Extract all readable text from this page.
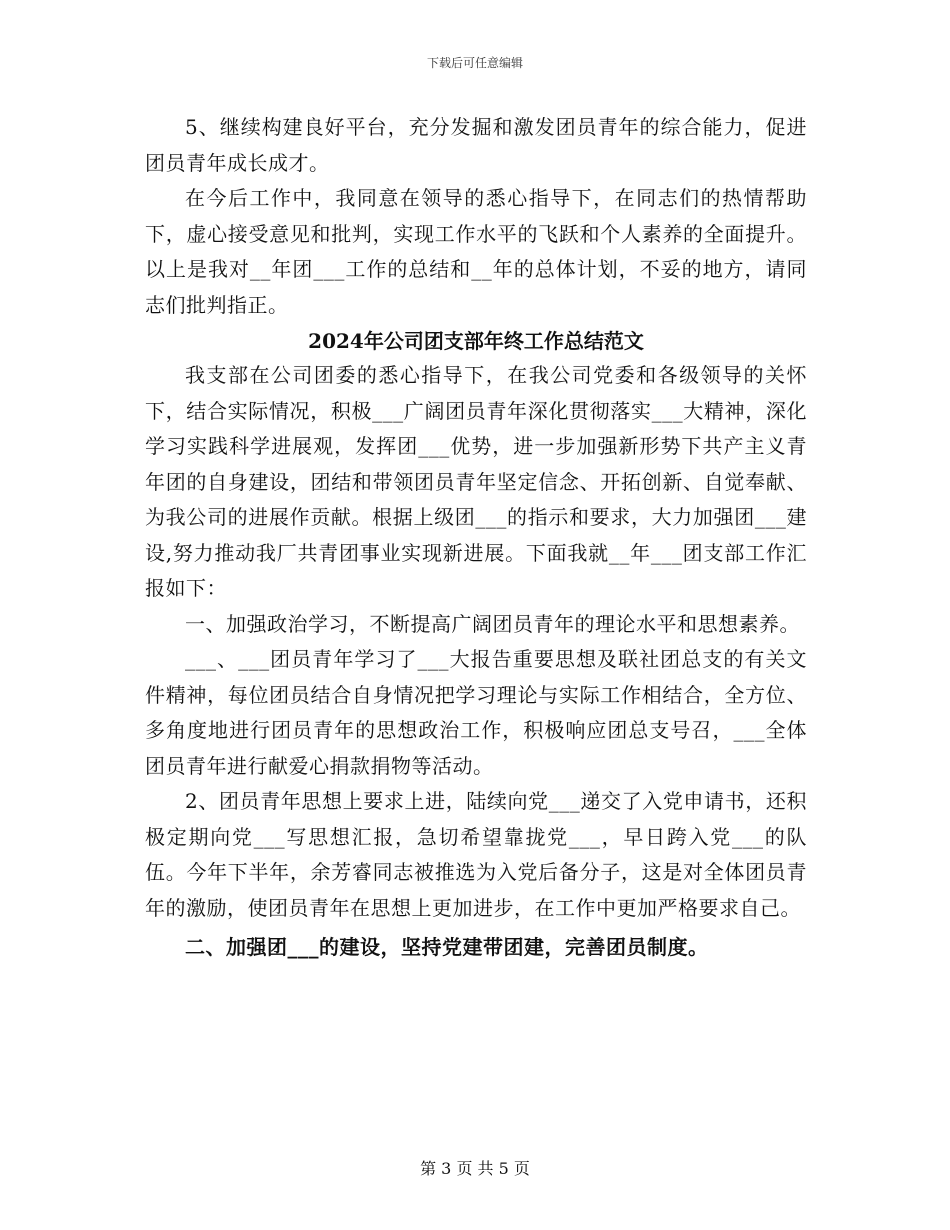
下载后可任意编辑

5、继续构建良好平台，充分发掘和激发团员青年的综合能力，促进团员青年成长成才。

在今后工作中，我同意在领导的悉心指导下，在同志们的热情帮助下，虚心接受意见和批判，实现工作水平的飞跃和个人素养的全面提升。以上是我对__年团___工作的总结和__年的总体计划，不妥的地方，请同志们批判指正。

2024年公司团支部年终工作总结范文

我支部在公司团委的悉心指导下，在我公司党委和各级领导的关怀下，结合实际情况，积极___广阔团员青年深化贯彻落实___大精神，深化学习实践科学进展观，发挥团___优势，进一步加强新形势下共产主义青年团的自身建设，团结和带领团员青年坚定信念、开拓创新、自觉奉献、为我公司的进展作贡献。根据上级团___的指示和要求，大力加强团___建设,努力推动我厂共青团事业实现新进展。下面我就__年___团支部工作汇报如下：

一、加强政治学习，不断提高广阔团员青年的理论水平和思想素养。

___、___团员青年学习了___大报告重要思想及联社团总支的有关文件精神，每位团员结合自身情况把学习理论与实际工作相结合，全方位、多角度地进行团员青年的思想政治工作，积极响应团总支号召，___全体团员青年进行献爱心捐款捐物等活动。

2、团员青年思想上要求上进，陆续向党___递交了入党申请书，还积极定期向党___写思想汇报，急切希望靠拢党___，早日跨入党___的队伍。今年下半年，余芳睿同志被推选为入党后备分子，这是对全体团员青年的激励，使团员青年在思想上更加进步，在工作中更加严格要求自己。

二、加强团___的建设，坚持党建带团建，完善团员制度。

第 3 页 共 5 页
